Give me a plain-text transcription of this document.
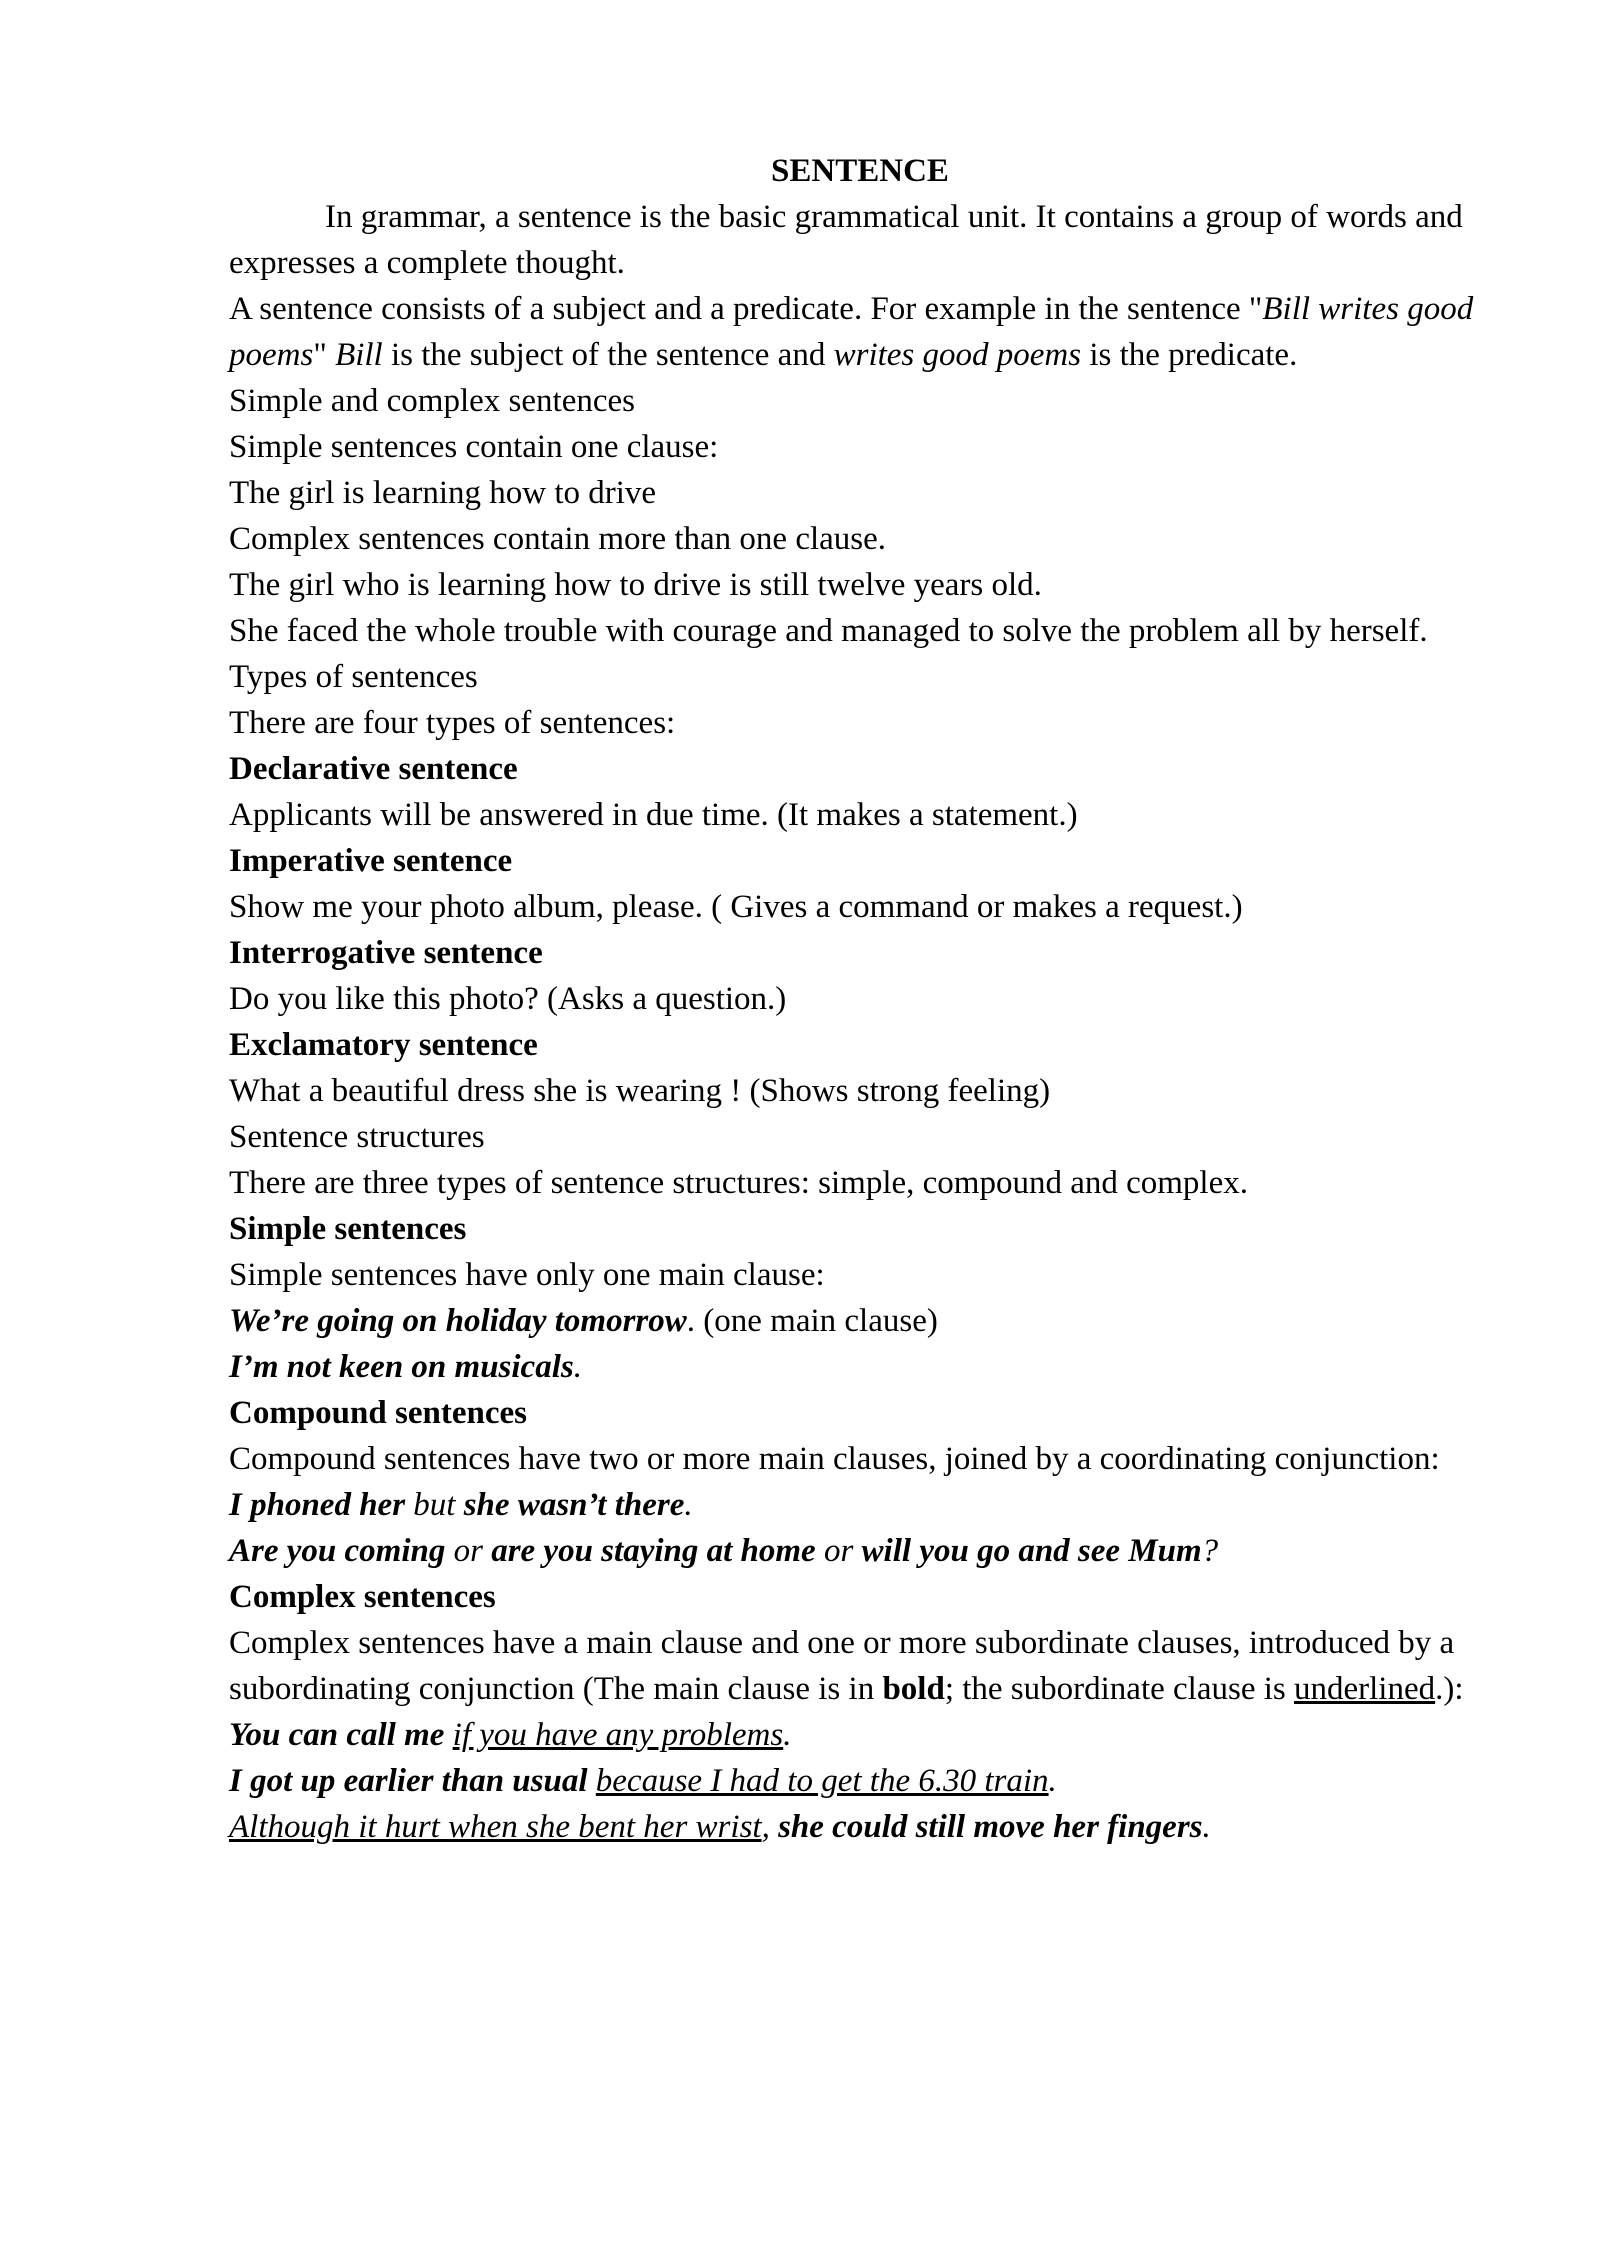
SENTENCE

In grammar, a sentence is the basic grammatical unit. It contains a group of words and expresses a complete thought.

A sentence consists of a subject and a predicate. For example in the sentence "Bill writes good poems" Bill is the subject of the sentence and writes good poems is the predicate.

Simple and complex sentences

Simple sentences contain one clause:

The girl is learning how to drive

Complex sentences contain more than one clause.

The girl who is learning how to drive is still twelve years old.

She faced the whole trouble with courage and managed to solve the problem all by herself.

Types of sentences

There are four types of sentences:

Declarative sentence

Applicants will be answered in due time. (It makes a statement.)

Imperative sentence

Show me your photo album, please. ( Gives a command or makes a request.)

Interrogative sentence

Do you like this photo? (Asks a question.)

Exclamatory sentence

What a beautiful dress she is wearing ! (Shows strong feeling)

Sentence structures

There are three types of sentence structures: simple, compound and complex.

Simple sentences

Simple sentences have only one main clause:

We’re going on holiday tomorrow. (one main clause)

I’m not keen on musicals.

Compound sentences

Compound sentences have two or more main clauses, joined by a coordinating conjunction:

I phoned her but she wasn’t there.

Are you coming or are you staying at home or will you go and see Mum?

Complex sentences

Complex sentences have a main clause and one or more subordinate clauses, introduced by a subordinating conjunction (The main clause is in bold; the subordinate clause is underlined.):

You can call me if you have any problems.

I got up earlier than usual because I had to get the 6.30 train.

Although it hurt when she bent her wrist, she could still move her fingers.
